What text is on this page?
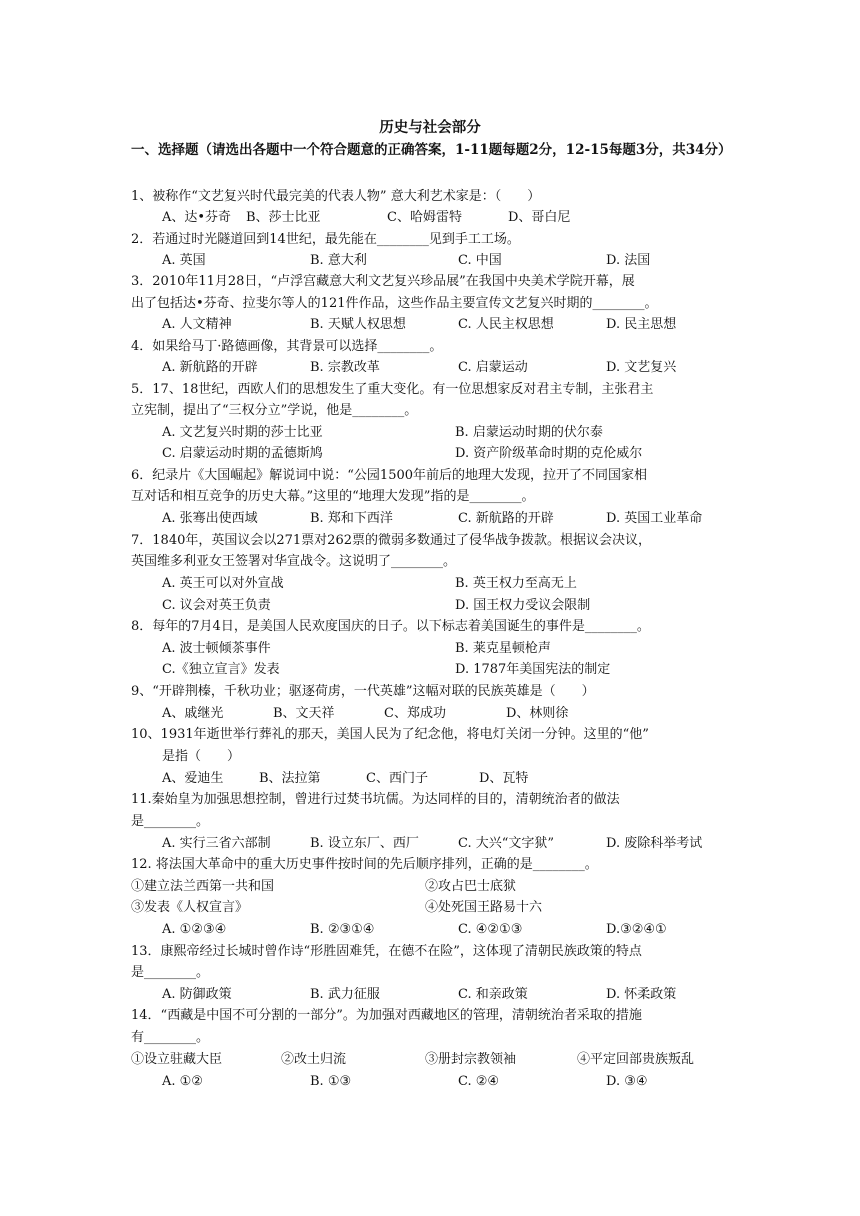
历史与社会部分
一、选择题（请选出各题中一个符合题意的正确答案，1-11题每题2分，12-15每题3分，共34分）
1、被称作“文艺复兴时代最完美的代表人物” 意大利艺术家是：（　　）
A、达•芬奇 B、莎士比亚	C、哈姆雷特	D、哥白尼
2．若通过时光隧道回到14世纪，最先能在________见到手工工场。
A. 英国	B. 意大利	C. 中国	D. 法国
3．2010年11月28日，“卢浮宫藏意大利文艺复兴珍品展”在我国中央美术学院开幕，展
出了包括达•芬奇、拉斐尔等人的121件作品，这些作品主要宣传文艺复兴时期的________。
A. 人文精神	B. 天赋人权思想	C. 人民主权思想	D. 民主思想
4．如果给马丁·路德画像，其背景可以选择________。
A. 新航路的开辟	B. 宗教改革	C. 启蒙运动	D. 文艺复兴
5．17、18世纪，西欧人们的思想发生了重大变化。有一位思想家反对君主专制，主张君主
立宪制，提出了“三权分立”学说，他是________。
A. 文艺复兴时期的莎士比亚	B. 启蒙运动时期的伏尔泰
C. 启蒙运动时期的孟德斯鸠	D. 资产阶级革命时期的克伦威尔
6．纪录片《大国崛起》解说词中说：“公园1500年前后的地理大发现，拉开了不同国家相
互对话和相互竞争的历史大幕。”这里的“地理大发现”指的是________。
A. 张骞出使西域	B. 郑和下西洋	C. 新航路的开辟	D. 英国工业革命
7．1840年，英国议会以271票对262票的微弱多数通过了侵华战争拨款。根据议会决议，
英国维多利亚女王签署对华宣战令。这说明了________。
A. 英王可以对外宣战	B. 英王权力至高无上
C. 议会对英王负责	D. 国王权力受议会限制
8．每年的7月4日，是美国人民欢度国庆的日子。以下标志着美国诞生的事件是________。
A. 波士顿倾茶事件	B. 莱克星顿枪声
C.《独立宣言》发表	D. 1787年美国宪法的制定
9、“开辟荆榛，千秋功业；驱逐荷虏，一代英雄”这幅对联的民族英雄是（　　）
A、戚继光	B、文天祥	C、郑成功	D、林则徐
10、1931年逝世举行葬礼的那天，美国人民为了纪念他，将电灯关闭一分钟。这里的“他”
是指（　　）
A、爱迪生	B、法拉第	C、西门子	D、瓦特
11.秦始皇为加强思想控制，曾进行过焚书坑儒。为达同样的目的，清朝统治者的做法
是________。
A. 实行三省六部制	B. 设立东厂、西厂	C. 大兴“文字狱”	D. 废除科举考试
12. 将法国大革命中的重大历史事件按时间的先后顺序排列，正确的是________。
①建立法兰西第一共和国	②攻占巴士底狱
③发表《人权宣言》	④处死国王路易十六
A. ①②③④	B. ②③①④	C. ④②①③	D.③②④①
13．康熙帝经过长城时曾作诗“形胜固难凭，在德不在险”，这体现了清朝民族政策的特点
是________。
A. 防御政策	B. 武力征服	C. 和亲政策	D. 怀柔政策
14．“西藏是中国不可分割的一部分”。为加强对西藏地区的管理，清朝统治者采取的措施
有________。
①设立驻藏大臣	②改土归流	③册封宗教领袖	④平定回部贵族叛乱
A. ①②	B. ①③	C. ②④	D. ③④
